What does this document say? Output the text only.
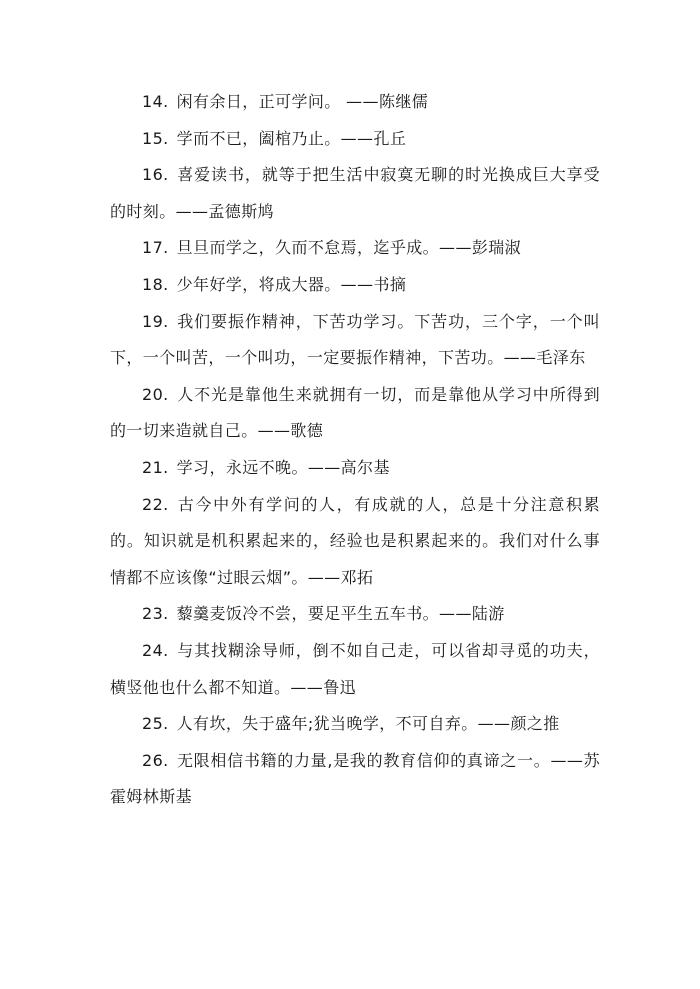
14. 闲有余日，正可学问。 ——陈继儒
15. 学而不已，阖棺乃止。——孔丘
16. 喜爱读书，就等于把生活中寂寞无聊的时光换成巨大享受的时刻。——孟德斯鸠
17. 旦旦而学之，久而不怠焉，迄乎成。——彭瑞淑
18. 少年好学，将成大器。——书摘
19. 我们要振作精神，下苦功学习。下苦功，三个字，一个叫下，一个叫苦，一个叫功，一定要振作精神，下苦功。——毛泽东
20. 人不光是靠他生来就拥有一切，而是靠他从学习中所得到的一切来造就自己。——歌德
21. 学习，永远不晚。——高尔基
22. 古今中外有学问的人，有成就的人，总是十分注意积累的。知识就是机积累起来的，经验也是积累起来的。我们对什么事情都不应该像“过眼云烟”。——邓拓
23. 藜羹麦饭冷不尝，要足平生五车书。——陆游
24. 与其找糊涂导师，倒不如自己走，可以省却寻觅的功夫，横竖他也什么都不知道。——鲁迅
25. 人有坎，失于盛年;犹当晚学，不可自弃。——颜之推
26. 无限相信书籍的力量,是我的教育信仰的真谛之一。——苏霍姆林斯基
